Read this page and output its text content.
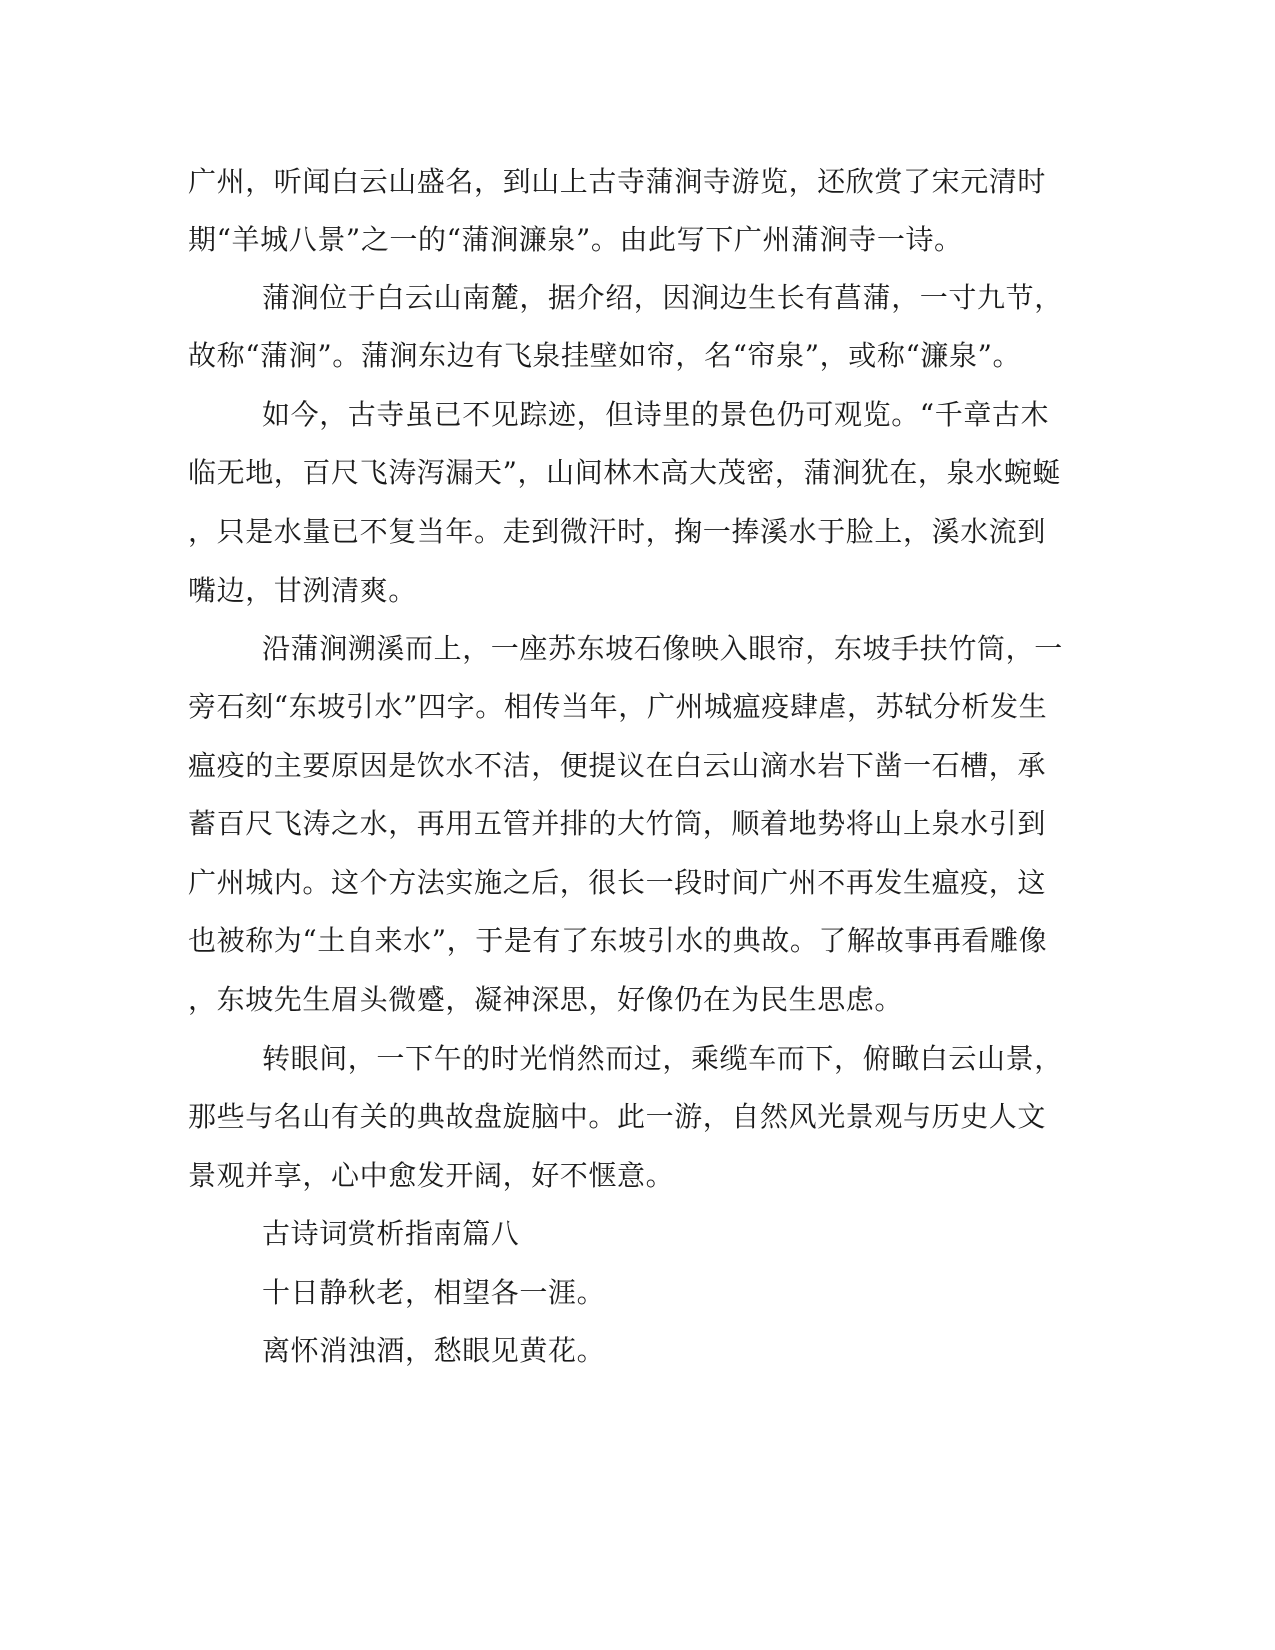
广州，听闻白云山盛名，到山上古寺蒲涧寺游览，还欣赏了宋元清时
期“羊城八景”之一的“蒲涧濂泉”。由此写下广州蒲涧寺一诗。
蒲涧位于白云山南麓，据介绍，因涧边生长有菖蒲，一寸九节，
故称“蒲涧”。蒲涧东边有飞泉挂壁如帘，名“帘泉”，或称“濂泉”。
如今，古寺虽已不见踪迹，但诗里的景色仍可观览。“千章古木
临无地，百尺飞涛泻漏天”，山间林木高大茂密，蒲涧犹在，泉水蜿蜒
，只是水量已不复当年。走到微汗时，掬一捧溪水于脸上，溪水流到
嘴边，甘洌清爽。
沿蒲涧溯溪而上，一座苏东坡石像映入眼帘，东坡手扶竹筒，一
旁石刻“东坡引水”四字。相传当年，广州城瘟疫肆虐，苏轼分析发生
瘟疫的主要原因是饮水不洁，便提议在白云山滴水岩下凿一石槽，承
蓄百尺飞涛之水，再用五管并排的大竹筒，顺着地势将山上泉水引到
广州城内。这个方法实施之后，很长一段时间广州不再发生瘟疫，这
也被称为“土自来水”，于是有了东坡引水的典故。了解故事再看雕像
，东坡先生眉头微蹙，凝神深思，好像仍在为民生思虑。
转眼间，一下午的时光悄然而过，乘缆车而下，俯瞰白云山景，
那些与名山有关的典故盘旋脑中。此一游，自然风光景观与历史人文
景观并享，心中愈发开阔，好不惬意。
古诗词赏析指南篇八
十日静秋老，相望各一涯。
离怀消浊酒，愁眼见黄花。
